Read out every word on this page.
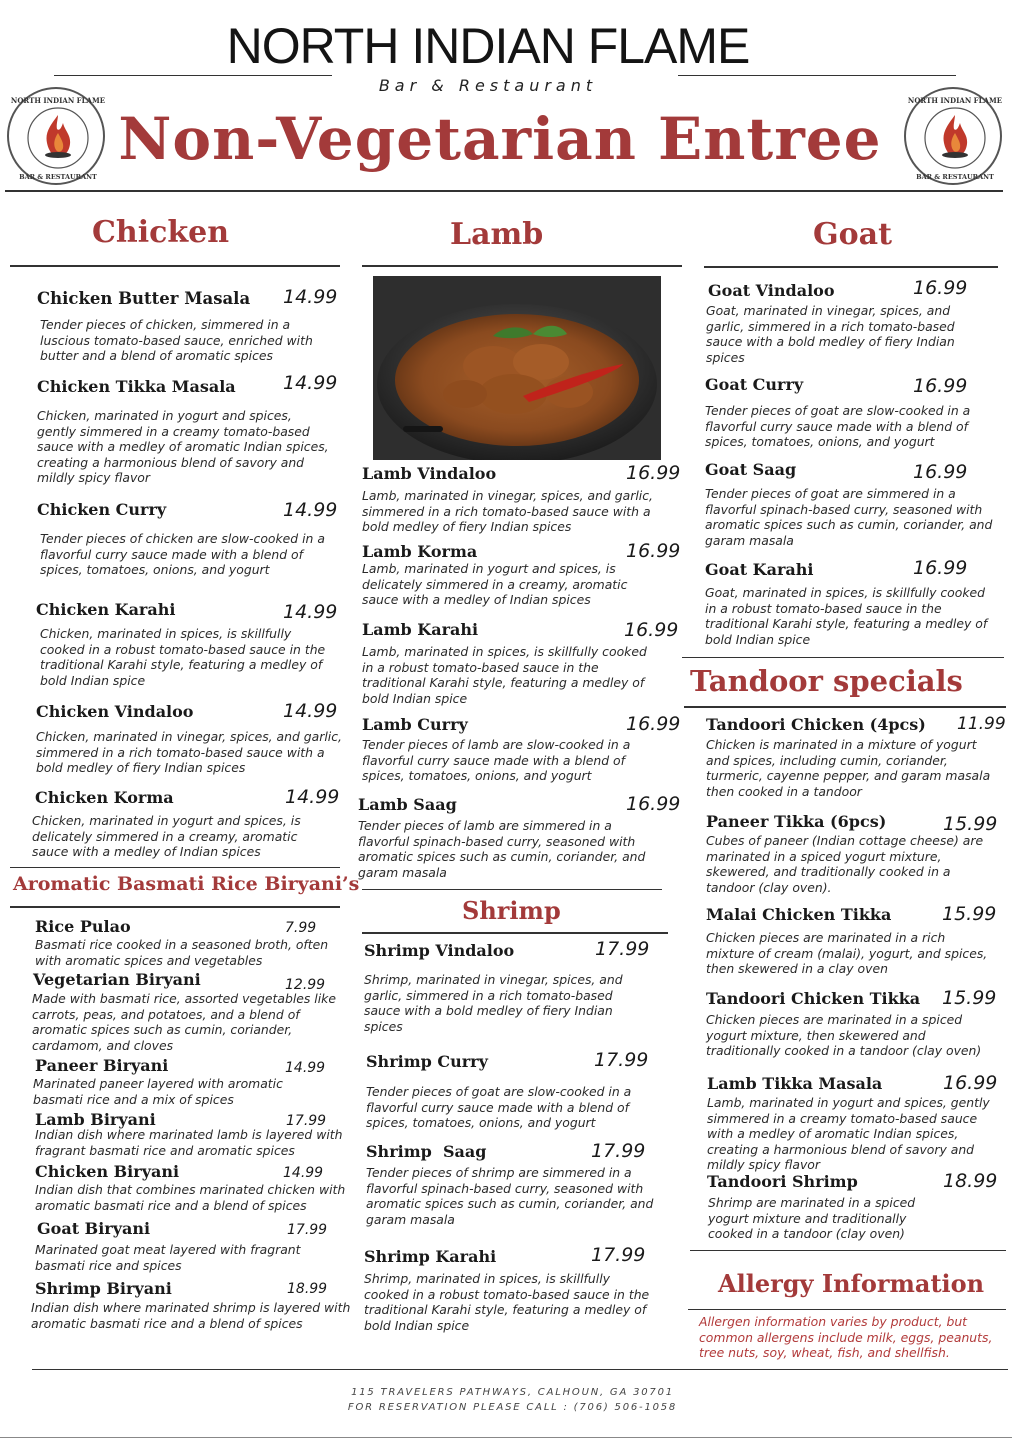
NORTH INDIAN FLAME
Bar & Restaurant
Non-Vegetarian Entree
NORTH INDIAN FLAME
BAR & RESTAURANT
NORTH INDIAN FLAME
BAR & RESTAURANT
Chicken	Lamb	Goat
Chicken Butter Masala 14.99
Tender pieces of chicken, simmered in a luscious tomato-based sauce, enriched with butter and a blend of aromatic spices
Chicken Tikka Masala 14.99
Chicken, marinated in yogurt and spices, gently simmered in a creamy tomato-based sauce with a medley of aromatic Indian spices, creating a harmonious blend of savory and mildly spicy flavor
Chicken Curry	14.99
Tender pieces of chicken are slow-cooked in a flavorful curry sauce made with a blend of spices, tomatoes, onions, and yogurt
Chicken Karahi	14.99
Chicken, marinated in spices, is skillfully cooked in a robust tomato-based sauce in the traditional Karahi style, featuring a medley of bold Indian spice
Chicken Vindaloo	14.99
Chicken, marinated in vinegar, spices, and garlic, simmered in a rich tomato-based sauce with a bold medley of fiery Indian spices
Chicken Korma	14.99
Chicken, marinated in yogurt and spices, is delicately simmered in a creamy, aromatic sauce with a medley of Indian spices
Aromatic Basmati Rice Biryani’s
Rice Pulao	7.99
Basmati rice cooked in a seasoned broth, often with aromatic spices and vegetables
Vegetarian Biryani	12.99
Made with basmati rice, assorted vegetables like carrots, peas, and potatoes, and a blend of aromatic spices such as cumin, coriander, cardamom, and cloves
Paneer Biryani	14.99
Marinated paneer layered with aromatic basmati rice and a mix of spices
Lamb Biryani	17.99
Indian dish where marinated lamb is layered with fragrant basmati rice and aromatic spices
Chicken Biryani	14.99
Indian dish that combines marinated chicken with aromatic basmati rice and a blend of spices
Goat Biryani	17.99
Marinated goat meat layered with fragrant basmati rice and spices
Shrimp Biryani	18.99
Indian dish where marinated shrimp is layered with aromatic basmati rice and a blend of spices
Lamb Vindaloo	16.99
Lamb, marinated in vinegar, spices, and garlic, simmered in a rich tomato-based sauce with a bold medley of fiery Indian spices
Lamb Korma	16.99
Lamb, marinated in yogurt and spices, is delicately simmered in a creamy, aromatic sauce with a medley of Indian spices
Lamb Karahi	16.99
Lamb, marinated in spices, is skillfully cooked in a robust tomato-based sauce in the traditional Karahi style, featuring a medley of bold Indian spice
Lamb Curry	16.99
Tender pieces of lamb are slow-cooked in a flavorful curry sauce made with a blend of spices, tomatoes, onions, and yogurt
Lamb Saag	16.99
Tender pieces of lamb are simmered in a flavorful spinach-based curry, seasoned with aromatic spices such as cumin, coriander, and garam masala
Shrimp
Shrimp Vindaloo	17.99
Shrimp, marinated in vinegar, spices, and garlic, simmered in a rich tomato-based sauce with a bold medley of fiery Indian spices
Shrimp Curry	17.99
Tender pieces of goat are slow-cooked in a flavorful curry sauce made with a blend of spices, tomatoes, onions, and yogurt
Shrimp  Saag	17.99
Tender pieces of shrimp are simmered in a flavorful spinach-based curry, seasoned with aromatic spices such as cumin, coriander, and garam masala
Shrimp Karahi	17.99
Shrimp, marinated in spices, is skillfully cooked in a robust tomato-based sauce in the traditional Karahi style, featuring a medley of bold Indian spice
Goat Vindaloo	16.99
Goat, marinated in vinegar, spices, and garlic, simmered in a rich tomato-based sauce with a bold medley of fiery Indian spices
Goat Curry	16.99
Tender pieces of goat are slow-cooked in a flavorful curry sauce made with a blend of spices, tomatoes, onions, and yogurt
Goat Saag	16.99
Tender pieces of goat are simmered in a flavorful spinach-based curry, seasoned with aromatic spices such as cumin, coriander, and garam masala
Goat Karahi	16.99
Goat, marinated in spices, is skillfully cooked in a robust tomato-based sauce in the traditional Karahi style, featuring a medley of bold Indian spice
Tandoor specials
Tandoori Chicken (4pcs) 11.99
Chicken is marinated in a mixture of yogurt and spices, including cumin, coriander, turmeric, cayenne pepper, and garam masala then cooked in a tandoor
Paneer Tikka (6pcs)	15.99
Cubes of paneer (Indian cottage cheese) are marinated in a spiced yogurt mixture, skewered, and traditionally cooked in a tandoor (clay oven).
Malai Chicken Tikka	15.99
Chicken pieces are marinated in a rich mixture of cream (malai), yogurt, and spices, then skewered in a clay oven
Tandoori Chicken Tikka 15.99
Chicken pieces are marinated in a spiced yogurt mixture, then skewered and traditionally cooked in a tandoor (clay oven)
Lamb Tikka Masala	16.99
Lamb, marinated in yogurt and spices, gently simmered in a creamy tomato-based sauce with a medley of aromatic Indian spices, creating a harmonious blend of savory and mildly spicy flavor
Tandoori Shrimp	18.99
Shrimp are marinated in a spiced yogurt mixture and traditionally cooked in a tandoor (clay oven)
Allergy Information
Allergen information varies by product, but common allergens include milk, eggs, peanuts, tree nuts, soy, wheat, fish, and shellfish.
115 TRAVELERS PATHWAYS, CALHOUN, GA 30701
FOR RESERVATION PLEASE CALL : (706) 506-1058
